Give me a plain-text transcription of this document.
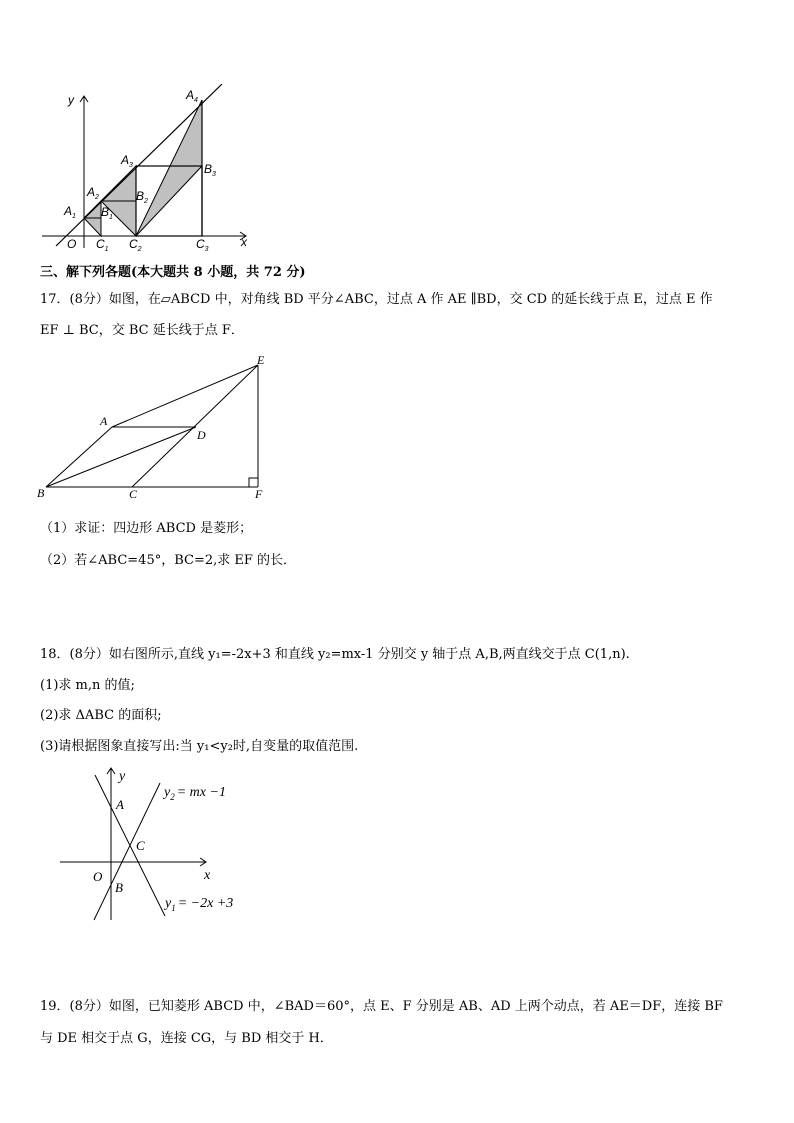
y
x
O
$A_1$
$A_2$
$A_3$
$A_4$
$B_1$
$B_2$
$B_3$
$C_1$ $C_2$	$C_3$
三、解下列各题(本大题共 8 小题，共 72 分)
17．(8分）如图，在▱ABCD 中，对角线 BD 平分∠ABC，过点 A 作 AE ∥BD，交 CD 的延长线于点 E，过点 E 作
EF ⊥ BC，交 BC 延长线于点 F．
A
B	C
D
E
F
（1）求证：四边形 ABCD 是菱形；
（2）若∠ABC=45°，BC=2,求 EF 的长．
18．(8分）如右图所示,直线 y₁=-2x+3 和直线 y₂=mx-1 分别交 y 轴于点 A,B,两直线交于点 C(1,n).
(1)求 m,n 的值;
(2)求 ΔABC 的面积;
(3)请根据图象直接写出:当 y₁<y₂时,自变量的取值范围.
y
x
O
A
B
C
$y_2$ = mx −1
$y_1 = -2x +3$
19．(8分）如图，已知菱形 ABCD 中，∠BAD＝60°，点 E、F 分别是 AB、AD 上两个动点，若 AE＝DF，连接 BF
与 DE 相交于点 G，连接 CG，与 BD 相交于 H．
